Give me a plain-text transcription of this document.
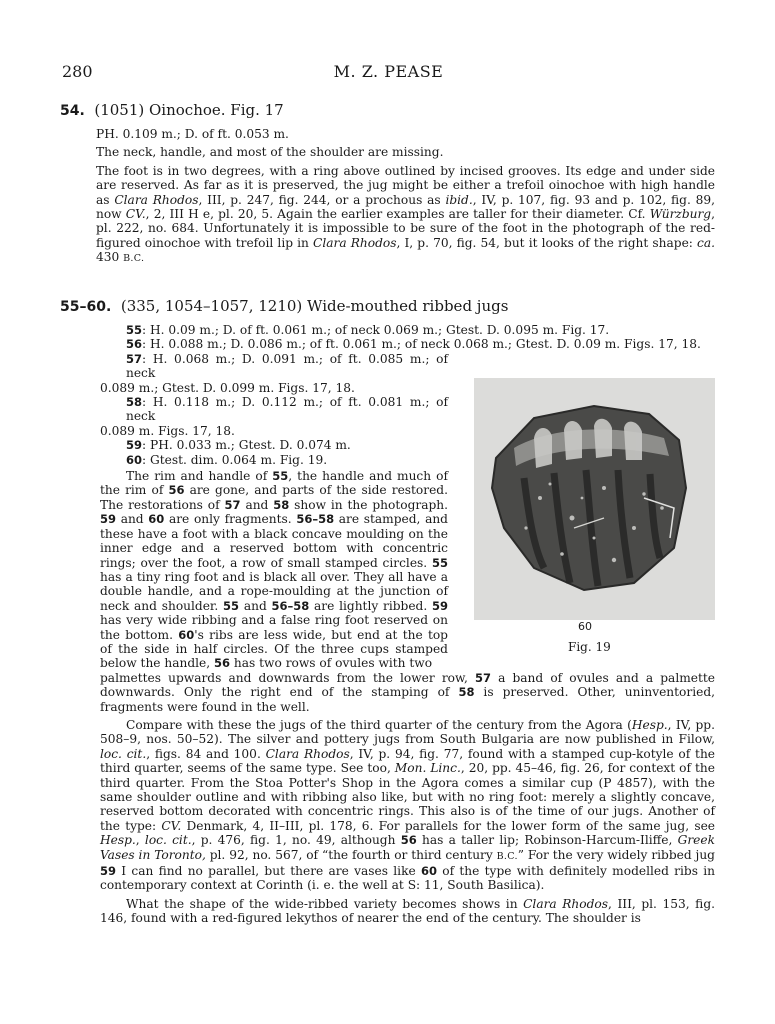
280	M. Z. PEASE
54. (1051) Oinochoe. Fig. 17

PH. 0.109 m.; D. of ft. 0.053 m.

The neck, handle, and most of the shoulder are missing.

The foot is in two degrees, with a ring above outlined by incised grooves. Its edge and under side are reserved. As far as it is preserved, the jug might be either a trefoil oinochoe with high handle as Clara Rhodos, III, p. 247, fig. 244, or a prochous as ibid., IV, p. 107, fig. 93 and p. 102, fig. 89, now CV., 2, III H e, pl. 20, 5. Again the earlier examples are taller for their diameter. Cf. Würzburg, pl. 222, no. 684. Unfortunately it is impossible to be sure of the foot in the photograph of the red-figured oinochoe with trefoil lip in Clara Rhodos, I, p. 70, fig. 54, but it looks of the right shape: ca. 430 B.C.

55–60. (335, 1054–1057, 1210) Wide-mouthed ribbed jugs
55: H. 0.09 m.; D. of ft. 0.061 m.; of neck 0.069 m.; Gtest. D. 0.095 m. Fig. 17.
56: H. 0.088 m.; D. 0.086 m.; of ft. 0.061 m.; of neck 0.068 m.; Gtest. D. 0.09 m. Figs. 17, 18.
57: H. 0.068 m.; D. 0.091 m.; of ft. 0.085 m.; of neck
0.089 m.; Gtest. D. 0.099 m. Figs. 17, 18.
58: H. 0.118 m.; D. 0.112 m.; of ft. 0.081 m.; of neck
0.089 m. Figs. 17, 18.
59: PH. 0.033 m.; Gtest. D. 0.074 m.
60: Gtest. dim. 0.064 m. Fig. 19.

The rim and handle of 55, the handle and much of the rim of 56 are gone, and parts of the side restored. The restorations of 57 and 58 show in the photograph. 59 and 60 are only fragments. 56–58 are stamped, and these have a foot with a black concave moulding on the inner edge and a reserved bottom with concentric rings; over the foot, a row of small stamped circles. 55 has a tiny ring foot and is black all over. They all have a double handle, and a rope-moulding at the junction of neck and shoulder. 55 and 56–58 are lightly ribbed. 59 has very wide ribbing and a false ring foot reserved on the bottom. 60's ribs are less wide, but end at the top of the side in half circles. Of the three cups stamped below the handle, 56 has two rows of ovules with two

palmettes upwards and downwards from the lower row, 57 a band of ovules and a palmette downwards. Only the right end of the stamping of 58 is preserved. Other, uninventoried, fragments were found in the well.

Compare with these the jugs of the third quarter of the century from the Agora (Hesp., IV, pp. 508–9, nos. 50–52). The silver and pottery jugs from South Bulgaria are now published in Filow, loc. cit., figs. 84 and 100. Clara Rhodos, IV, p. 94, fig. 77, found with a stamped cup-kotyle of the third quarter, seems of the same type. See too, Mon. Linc., 20, pp. 45–46, fig. 26, for context of the third quarter. From the Stoa Potter's Shop in the Agora comes a similar cup (P 4857), with the same shoulder outline and with ribbing also like, but with no ring foot: merely a slightly concave, reserved bottom decorated with concentric rings. This also is of the time of our jugs. Another of the type: CV. Denmark, 4, II–III, pl. 178, 6. For parallels for the lower form of the same jug, see Hesp., loc. cit., p. 476, fig. 1, no. 49, although 56 has a taller lip; Robinson-Harcum-Iliffe, Greek Vases in Toronto, pl. 92, no. 567, of “the fourth or third century B.C.” For the very widely ribbed jug 59 I can find no parallel, but there are vases like 60 of the type with definitely modelled ribs in contemporary context at Corinth (i. e. the well at S: 11, South Basilica).

What the shape of the wide-ribbed variety becomes shows in Clara Rhodos, III, pl. 153, fig. 146, found with a red-figured lekythos of nearer the end of the century. The shoulder is

60
Fig. 19
